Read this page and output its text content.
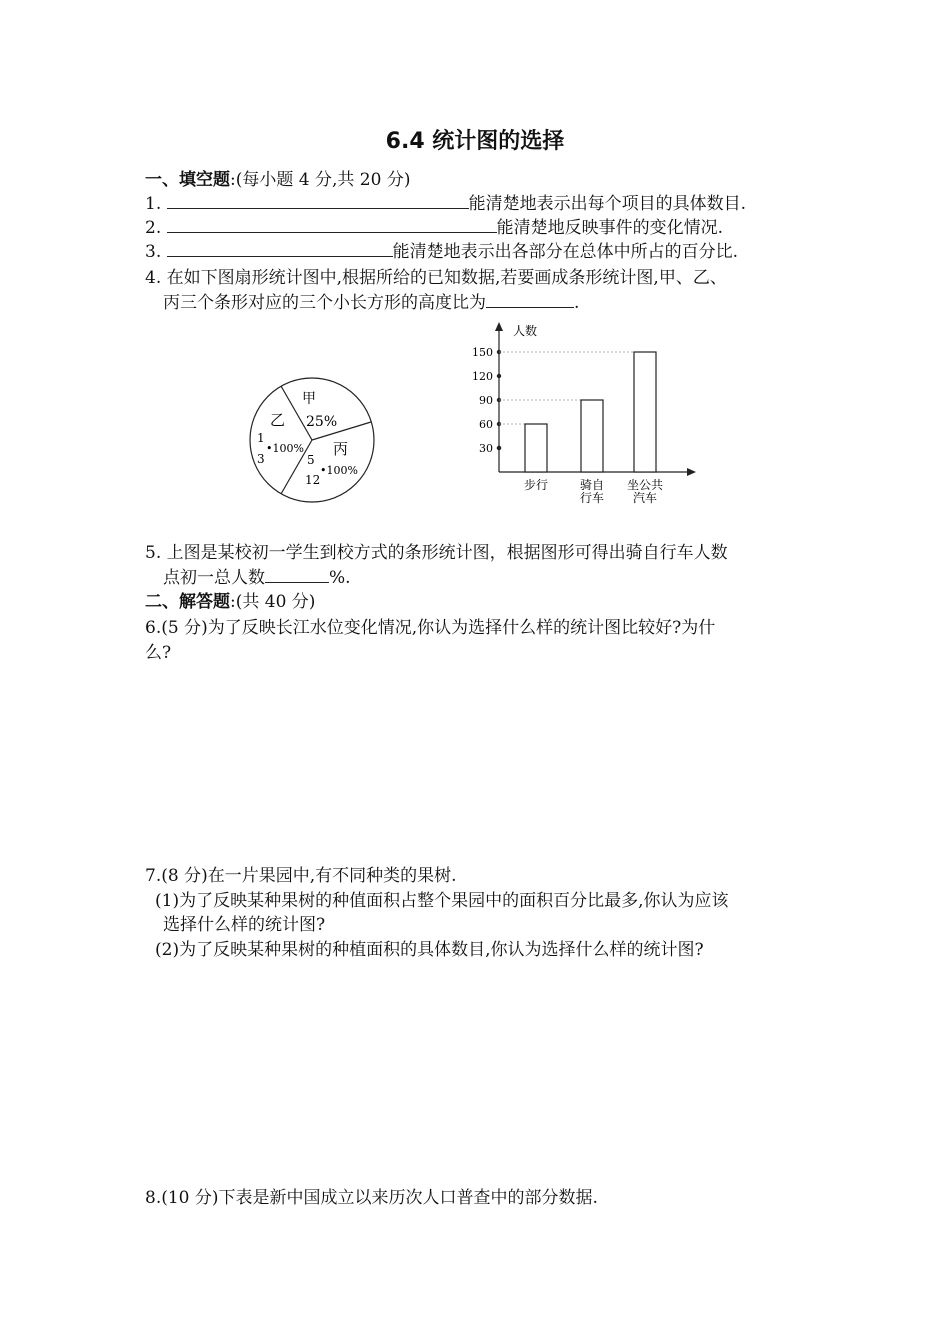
6.4 统计图的选择
一、填空题:(每小题 4 分,共 20 分)
1.	能清楚地表示出每个项目的具体数目.
2.	能清楚地反映事件的变化情况.
3.	能清楚地表示出各部分在总体中所占的百分比.
4. 在如下图扇形统计图中,根据所给的已知数据,若要画成条形统计图,甲、乙、
丙三个条形对应的三个小长方形的高度比为	.
甲
25%
乙
1
3
•100% 丙
5
12
•100%
人数
150
120
90
60
30
步行	骑自
行车
坐公共
汽车
5. 上图是某校初一学生到校方式的条形统计图，根据图形可得出骑自行车人数
点初一总人数	%.
二、解答题:(共 40 分)
6.(5 分)为了反映长江水位变化情况,你认为选择什么样的统计图比较好?为什
么?
7.(8 分)在一片果园中,有不同种类的果树.
(1)为了反映某种果树的种值面积占整个果园中的面积百分比最多,你认为应该
选择什么样的统计图?
(2)为了反映某种果树的种植面积的具体数目,你认为选择什么样的统计图?
8.(10 分)下表是新中国成立以来历次人口普查中的部分数据.
